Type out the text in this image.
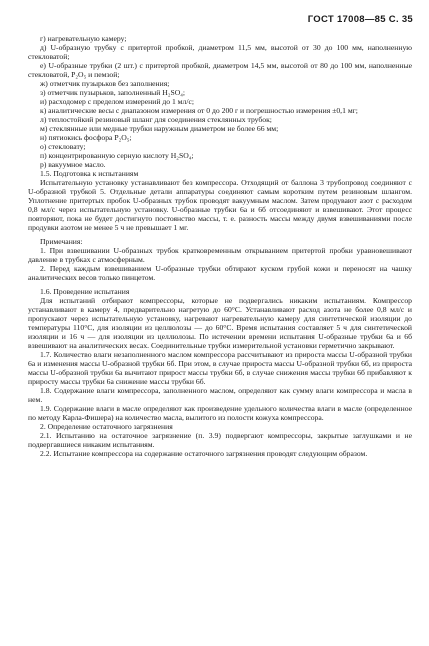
ГОСТ 17008—85 С. 35

г) нагревательную камеру;

д) U-образную трубку с притертой пробкой, диаметром 11,5 мм, высотой от 30 до 100 мм, наполненную стекловатой;

е) U-образные трубки (2 шт.) с притертой пробкой, диаметром 14,5 мм, высотой от 80 до 100 мм, наполненные стекловатой, P₂O₅ и пемзой;

ж) отметчик пузырьков без заполнения;

з) отметчик пузырьков, заполненный H₂SO₄;

и) расходомер с пределом измерений до 1 мл/с;

к) аналитические весы с диапазоном измерения от 0 до 200 г и погрешностью измерения ±0,1 мг;

л) теплостойкий резиновый шланг для соединения стеклянных трубок;

м) стеклянные или медные трубки наружным диаметром не более 66 мм;

н) пятиокись фосфора P₂O₅;

о) стекловату;

п) концентрированную серную кислоту H₂SO₄;

р) вакуумное масло.

1.5. Подготовка к испытаниям

Испытательную установку устанавливают без компрессора. Отходящий от баллона 3 трубопровод соединяют с U-образной трубкой 5. Отдельные детали аппаратуры соединяют самым коротким путем резиновым шлангом. Уплотнение притертых пробок U-образных трубок проводят вакуумным маслом. Затем продувают азот с расходом 0,8 мл/с через испытательную установку. U-образные трубки 6а и 6б отсоединяют и взвешивают. Этот процесс повторяют, пока не будет достигнуто постоянство массы, т. е. разность массы между двумя взвешиваниями после продувки азотом не менее 5 ч не превышает 1 мг.

Примечания:

1. При взвешивании U-образных трубок кратковременным открыванием притертой пробки уравновешивают давление в трубках с атмосферным.

2. Перед каждым взвешиванием U-образные трубки обтирают куском грубой кожи и переносят на чашку аналитических весов только пинцетом.

1.6. Проведение испытания

Для испытаний отбирают компрессоры, которые не подвергались никаким испытаниям. Компрессор устанавливают в камеру 4, предварительно нагретую до 60°С. Устанавливают расход азота не более 0,8 мл/с и пропускают через испытательную установку, нагревают нагревательную камеру для синтетической изоляции до температуры 110°С, для изоляции из целлюлозы — до 60°С. Время испытания составляет 5 ч для синтетической изоляции и 16 ч — для изоляции из целлюлозы. По истечении времени испытания U-образные трубки 6а и 6б взвешивают на аналитических весах. Соединительные трубки измерительной установки герметично закрывают.

1.7. Количество влаги незаполненного маслом компрессора рассчитывают из прироста массы U-образной трубки 6а и изменения массы U-образной трубки 6б. При этом, в случае прироста массы U-образной трубки 6б, из прироста массы U-образной трубки 6а вычитают прирост массы трубки 6б, в случае снижения массы трубки 6б прибавляют к приросту массы трубки 6а снижение массы трубки 6б.

1.8. Содержание влаги компрессора, заполненного маслом, определяют как сумму влаги компрессора и масла в нем.

1.9. Содержание влаги в масле определяют как произведение удельного количества влаги в масле (определенное по методу Карла-Фишера) на количество масла, вылитого из полости кожуха компрессора.

2. Определение остаточного загрязнения

2.1. Испытанию на остаточное загрязнение (п. 3.9) подвергают компрессоры, закрытые заглушками и не подвергавшиеся никаким испытаниям.

2.2. Испытание компрессора на содержание остаточного загрязнения проводят следующим образом.
